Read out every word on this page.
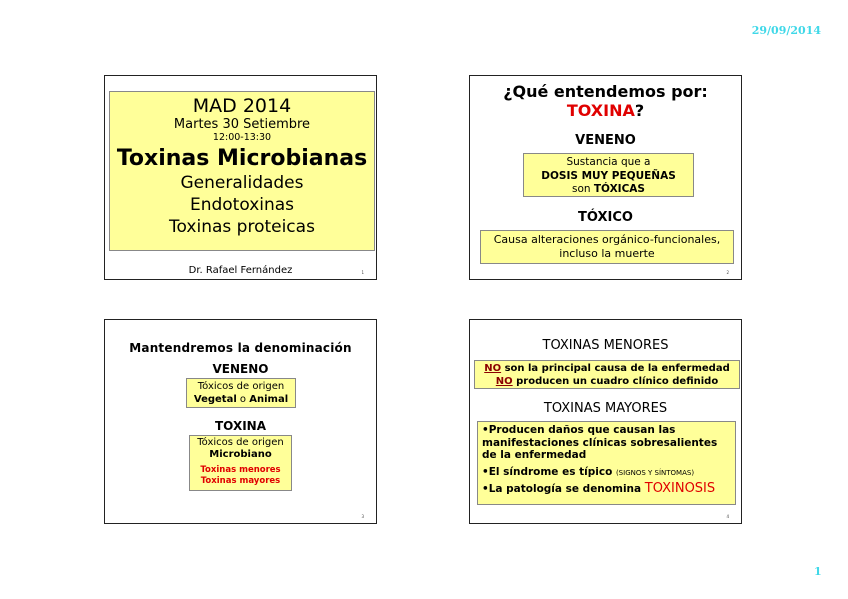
29/09/2014
MAD 2014
Martes 30 Setiembre
12:00-13:30
Toxinas Microbianas
Generalidades
Endotoxinas
Toxinas proteicas
Dr. Rafael Fernández	1
¿Qué entendemos por:
TOXINA?
VENENO
Sustancia que a
DOSIS MUY PEQUEÑAS
son TÓXICAS
TÓXICO
Causa alteraciones orgánico-funcionales, incluso la muerte
2
Mantendremos la denominación
VENENO
Tóxicos de origen
Vegetal o Animal
TOXINA
Tóxicos de origen
Microbiano
Toxinas menores
Toxinas mayores
3
TOXINAS MENORES
NO son la principal causa de la enfermedad
NO producen un cuadro clínico definido
TOXINAS MAYORES
•Producen daños que causan las manifestaciones clínicas sobresalientes de la enfermedad
•El síndrome es típico (SIGNOS Y SÍNTOMAS)
•La patología se denomina TOXINOSIS
4
1
